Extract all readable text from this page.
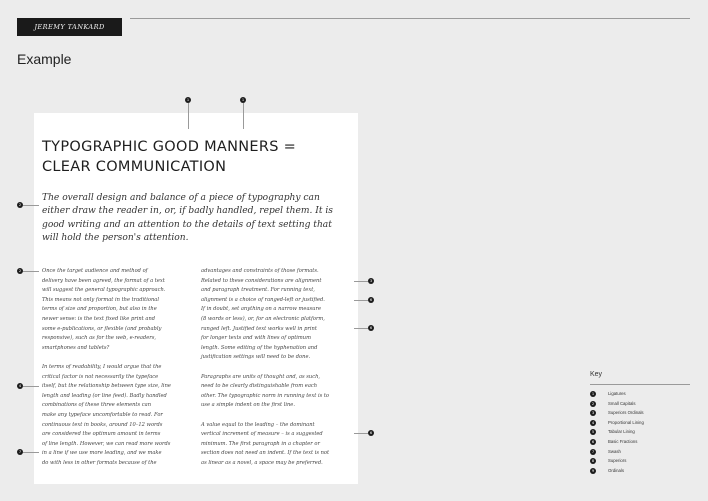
JEREMY TANKARD
Example
TYPOGRAPHIC GOOD MANNERS =
CLEAR COMMUNICATION
The overall design and balance of a piece of typography can
either draw the reader in, or, if badly handled, repel them. It is
good writing and an attention to the details of text setting that
will hold the person's attention.
Once the target audience and method of
delivery have been agreed, the format of a text
will suggest the general typographic approach.
This means not only format in the traditional
terms of size and proportion, but also in the
newer sense: is the text fixed like print and
some e-publications, or flexible (and probably
responsive), such as for the web, e-readers,
smartphones and tablets?
In terms of readability, I would argue that the
critical factor is not necessarily the typeface
itself, but the relationship between type size, line
length and leading (or line feed). Badly handled
combinations of these three elements can
make any typeface uncomfortable to read. For
continuous text in books, around 10–12 words
are considered the optimum amount in terms
of line length. However, we can read more words
in a line if we use more leading, and we make
do with less in other formats because of the
advantages and constraints of those formats.
Related to these considerations are alignment
and paragraph treatment. For running text,
alignment is a choice of ranged-left or justified.
If in doubt, set anything on a narrow measure
(8 words or less), or, for an electronic platform,
ranged left. Justified text works well in print
for longer texts and with lines of optimum
length. Some editing of the hyphenation and
justification settings will need to be done.
Paragraphs are units of thought and, as such,
need to be clearly distinguishable from each
other. The typographic norm in running text is to
use a simple indent on the first line.
A value equal to the leading – the dominant
vertical increment of measure – is a suggested
minimum. The first paragraph in a chapter or
section does not need an indent. If the text is not
as linear as a novel, a space may be preferred.
1	1
2
2
4
7
3
6
6
6
Key
1	Ligatures
2	Small Capitals
3	Superiors Ordinals
4	Proportional Lining
5	Tabular Lining
6	Basic Fractions
7	Swash
8	Superiors
9	Ordinals
